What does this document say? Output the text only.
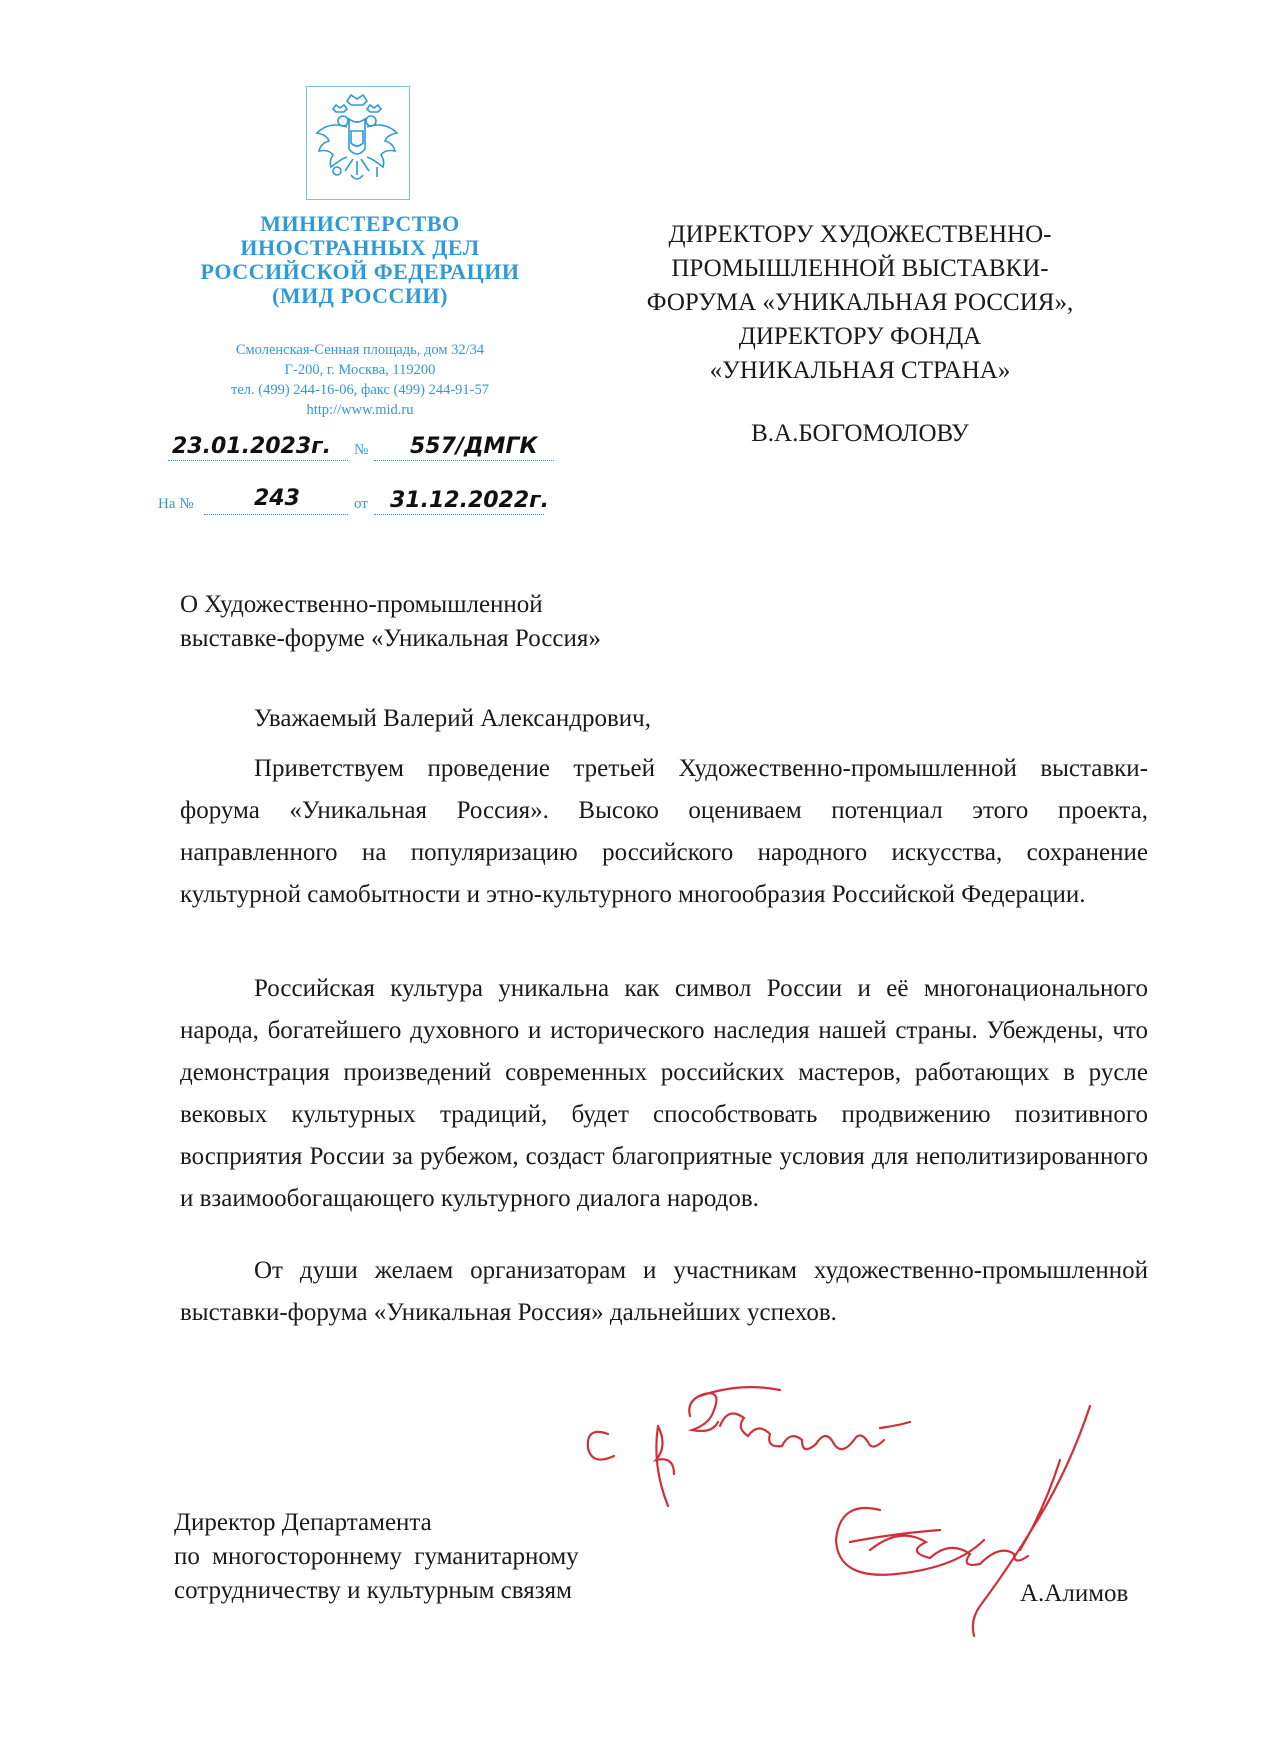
МИНИСТЕРСТВО
ИНОСТРАННЫХ ДЕЛ
РОССИЙСКОЙ ФЕДЕРАЦИИ
(МИД РОССИИ)
Смоленская-Сенная площадь, дом 32/34
Г-200, г. Москва, 119200
тел. (499) 244-16-06, факс (499) 244-91-57
http://www.mid.ru
23.01.2023г. № 557/ДМГК
На №	243	от 31.12.2022г.
ДИРЕКТОРУ ХУДОЖЕСТВЕННО-
ПРОМЫШЛЕННОЙ ВЫСТАВКИ-
ФОРУМА «УНИКАЛЬНАЯ РОССИЯ»,
ДИРЕКТОРУ ФОНДА
«УНИКАЛЬНАЯ СТРАНА»
В.А.БОГОМОЛОВУ
О Художественно-промышленной
выставке-форуме «Уникальная Россия»
Уважаемый Валерий Александрович,

Приветствуем проведение третьей Художественно-промышленной выставки-форума «Уникальная Россия». Высоко оцениваем потенциал этого проекта, направленного на популяризацию российского народного искусства, сохранение культурной самобытности и этно-культурного многообразия Российской Федерации.

Российская культура уникальна как символ России и её многонационального народа, богатейшего духовного и исторического наследия нашей страны. Убеждены, что демонстрация произведений современных российских мастеров, работающих в русле вековых культурных традиций, будет способствовать продвижению позитивного восприятия России за рубежом, создаст благоприятные условия для неполитизированного и взаимообогащающего культурного диалога народов.

От души желаем организаторам и участникам художественно-промышленной выставки-форума «Уникальная Россия» дальнейших успехов.

Директор Департамента
по многостороннему гуманитарному
сотрудничеству и культурным связям	А.Алимов
